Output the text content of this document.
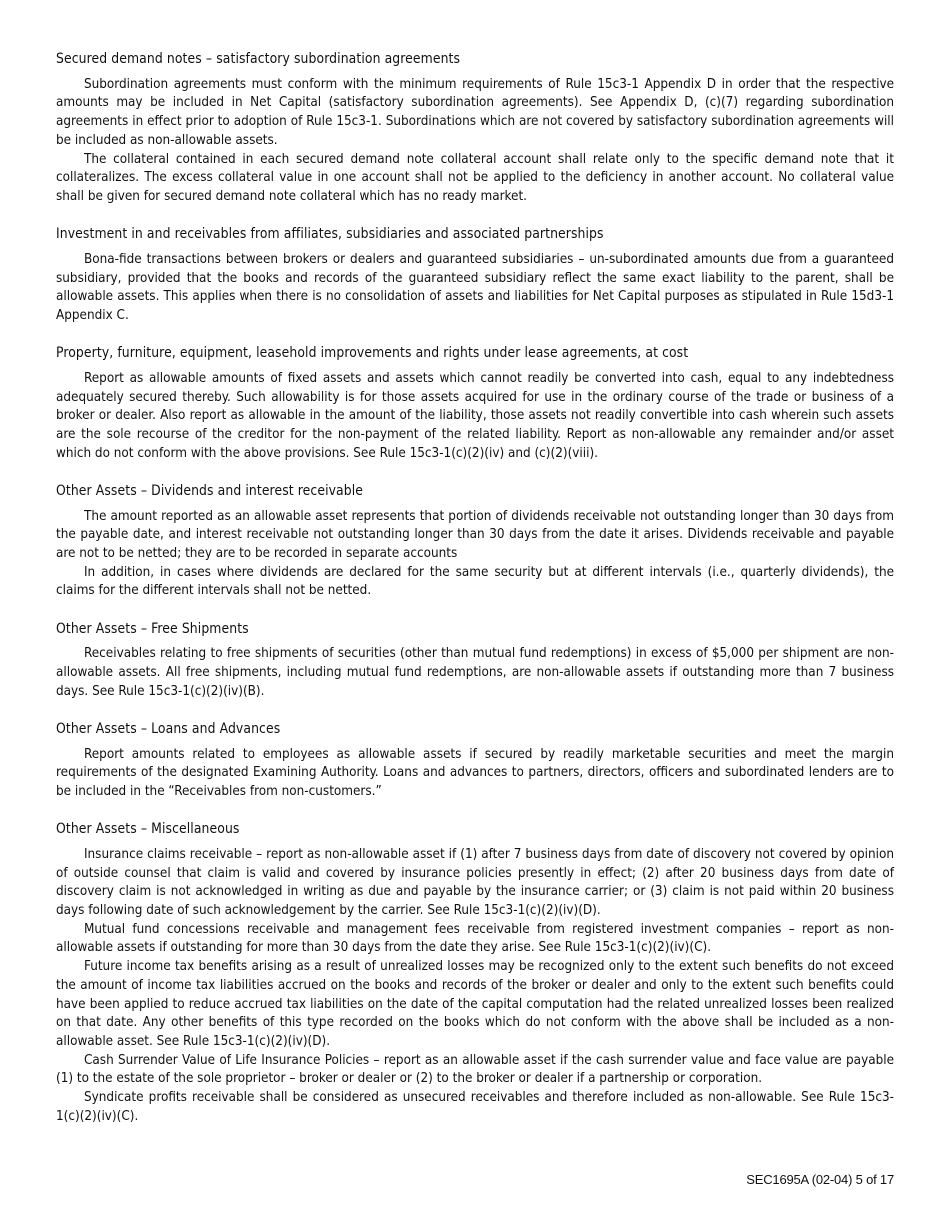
Secured demand notes – satisfactory subordination agreements

Subordination agreements must conform with the minimum requirements of Rule 15c3-1 Appendix D in order that the respective amounts may be included in Net Capital (satisfactory subordination agreements). See Appendix D, (c)(7) regarding subordination agreements in effect prior to adoption of Rule 15c3-1. Subordinations which are not covered by satisfactory subordination agreements will be included as non-allowable assets.

The collateral contained in each secured demand note collateral account shall relate only to the specific demand note that it collateralizes. The excess collateral value in one account shall not be applied to the deficiency in another account. No collateral value shall be given for secured demand note collateral which has no ready market.

Investment in and receivables from affiliates, subsidiaries and associated partnerships

Bona-fide transactions between brokers or dealers and guaranteed subsidiaries – un-subordinated amounts due from a guaranteed subsidiary, provided that the books and records of the guaranteed subsidiary reflect the same exact liability to the parent, shall be allowable assets. This applies when there is no consolidation of assets and liabilities for Net Capital purposes as stipulated in Rule 15d3-1 Appendix C.

Property, furniture, equipment, leasehold improvements and rights under lease agreements, at cost

Report as allowable amounts of fixed assets and assets which cannot readily be converted into cash, equal to any indebtedness adequately secured thereby. Such allowability is for those assets acquired for use in the ordinary course of the trade or business of a broker or dealer. Also report as allowable in the amount of the liability, those assets not readily convertible into cash wherein such assets are the sole recourse of the creditor for the non-payment of the related liability. Report as non-allowable any remainder and/or asset which do not conform with the above provisions. See Rule 15c3-1(c)(2)(iv) and (c)(2)(viii).

Other Assets – Dividends and interest receivable

The amount reported as an allowable asset represents that portion of dividends receivable not outstanding longer than 30 days from the payable date, and interest receivable not outstanding longer than 30 days from the date it arises. Dividends receivable and payable are not to be netted; they are to be recorded in separate accounts

In addition, in cases where dividends are declared for the same security but at different intervals (i.e., quarterly dividends), the claims for the different intervals shall not be netted.

Other Assets – Free Shipments

Receivables relating to free shipments of securities (other than mutual fund redemptions) in excess of $5,000 per shipment are non-allowable assets. All free shipments, including mutual fund redemptions, are non-allowable assets if outstanding more than 7 business days. See Rule 15c3-1(c)(2)(iv)(B).

Other Assets – Loans and Advances

Report amounts related to employees as allowable assets if secured by readily marketable securities and meet the margin requirements of the designated Examining Authority. Loans and advances to partners, directors, officers and subordinated lenders are to be included in the “Receivables from non-customers.”

Other Assets – Miscellaneous

Insurance claims receivable – report as non-allowable asset if (1) after 7 business days from date of discovery not covered by opinion of outside counsel that claim is valid and covered by insurance policies presently in effect; (2) after 20 business days from date of discovery claim is not acknowledged in writing as due and payable by the insurance carrier; or (3) claim is not paid within 20 business days following date of such acknowledgement by the carrier. See Rule 15c3-1(c)(2)(iv)(D).

Mutual fund concessions receivable and management fees receivable from registered investment companies – report as non-allowable assets if outstanding for more than 30 days from the date they arise. See Rule 15c3-1(c)(2)(iv)(C).

Future income tax benefits arising as a result of unrealized losses may be recognized only to the extent such benefits do not exceed the amount of income tax liabilities accrued on the books and records of the broker or dealer and only to the extent such benefits could have been applied to reduce accrued tax liabilities on the date of the capital computation had the related unrealized losses been realized on that date. Any other benefits of this type recorded on the books which do not conform with the above shall be included as a non-allowable asset. See Rule 15c3-1(c)(2)(iv)(D).

Cash Surrender Value of Life Insurance Policies – report as an allowable asset if the cash surrender value and face value are payable (1) to the estate of the sole proprietor – broker or dealer or (2) to the broker or dealer if a partnership or corporation.

Syndicate profits receivable shall be considered as unsecured receivables and therefore included as non-allowable. See Rule 15c3-1(c)(2)(iv)(C).

SEC1695A (02-04) 5 of 17
